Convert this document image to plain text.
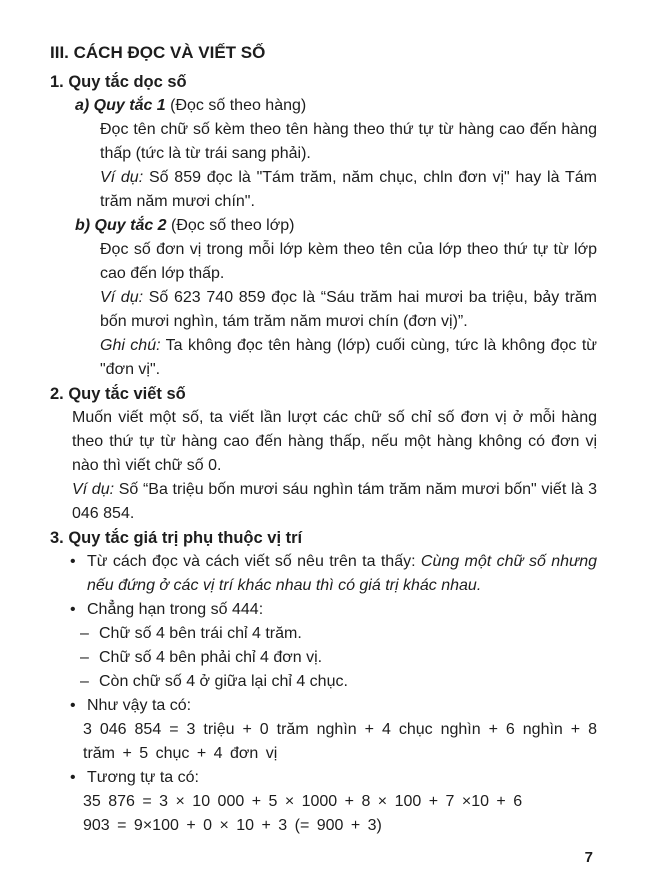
III. CÁCH ĐỌC VÀ VIẾT SỐ
1. Quy tắc dọc số

a) Quy tắc 1 (Đọc số theo hàng)

Đọc tên chữ số kèm theo tên hàng theo thứ tự từ hàng cao đến hàng thấp (tức là từ trái sang phải).

Ví dụ: Số 859 đọc là "Tám trăm, năm chục, chln đơn vị" hay là Tám trăm năm mươi chín".

b) Quy tắc 2 (Đọc số theo lớp)

Đọc số đơn vị trong mỗi lớp kèm theo tên của lớp theo thứ tự từ lớp cao đến lớp thấp.

Ví dụ: Số 623 740 859 đọc là “Sáu trăm hai mươi ba triệu, bảy trăm bốn mươi nghìn, tám trăm năm mươi chín (đơn vị)”.

Ghi chú: Ta không đọc tên hàng (lớp) cuối cùng, tức là không đọc từ "đơn vị".

2. Quy tắc viết số

Muốn viết một số, ta viết lần lượt các chữ số chỉ số đơn vị ở mỗi hàng theo thứ tự từ hàng cao đến hàng thấp, nếu một hàng không có đơn vị nào thì viết chữ số 0.

Ví dụ: Số “Ba triệu bốn mươi sáu nghìn tám trăm năm mươi bốn" viết là 3 046 854.

3. Quy tắc giá trị phụ thuộc vị trí
• Từ cách đọc và cách viết số nêu trên ta thấy: Cùng một chữ số nhưng nếu đứng ở các vị trí khác nhau thì có giá trị khác nhau.
• Chẳng hạn trong số 444:
– Chữ số 4 bên trái chỉ 4 trăm.
– Chữ số 4 bên phải chỉ 4 đơn vị.
– Còn chữ số 4 ở giữa lại chỉ 4 chục.
• Như vậy ta có:

3 046 854 = 3 triệu + 0 trăm nghìn + 4 chục nghìn + 6 nghìn + 8 trăm + 5 chục + 4 đơn vị

• Tương tự ta có:

35 876 = 3 × 10 000 + 5 × 1000 + 8 × 100 + 7 ×10 + 6

903 = 9×100 + 0 × 10 + 3 (= 900 + 3)

7
